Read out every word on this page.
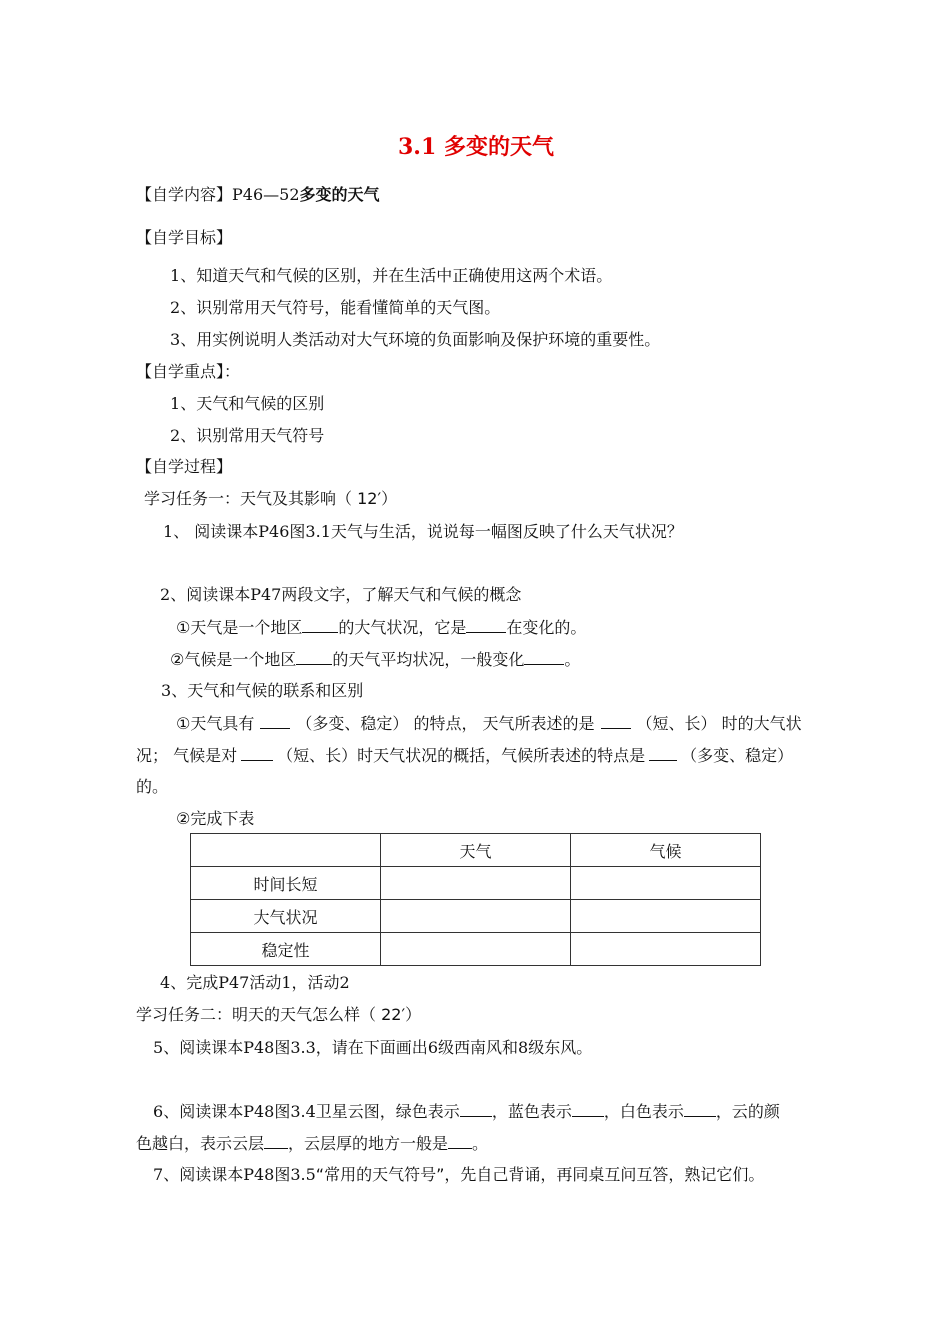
3.1 多变的天气
【自学内容】P46—52多变的天气
【自学目标】
1、知道天气和气候的区别，并在生活中正确使用这两个术语。
2、识别常用天气符号，能看懂简单的天气图。
3、用实例说明人类活动对大气环境的负面影响及保护环境的重要性。
【自学重点】：
1、天气和气候的区别
2、识别常用天气符号
【自学过程】
学习任务一：天气及其影响（ 12′）
1、 阅读课本P46图3.1天气与生活，说说每一幅图反映了什么天气状况？
2、阅读课本P47两段文字，了解天气和气候的概念
①天气是一个地区 的大气状况，它是	在变化的。
②气候是一个地区 的天气平均状况，一般变化	。
3、天气和气候的联系和区别
①天气具有	（多变、稳定） 的特点， 天气所表述的是	（短、长） 时的大气状
况； 气候是对	（短、长）时天气状况的概括，气候所表述的特点是 （多变、稳定）
的。
②完成下表
	天气	气候
时间长短		
大气状况		
稳定性		
4、完成P47活动1，活动2
学习任务二：明天的天气怎么样（ 22′）
5、阅读课本P48图3.3，请在下面画出6级西南风和8级东风。
6、阅读课本P48图3.4卫星云图，绿色表示 ，蓝色表示 ，白色表示 ，云的颜
色越白，表示云层 ，云层厚的地方一般是 。
7、阅读课本P48图3.5“常用的天气符号”，先自己背诵，再同桌互问互答，熟记它们。
